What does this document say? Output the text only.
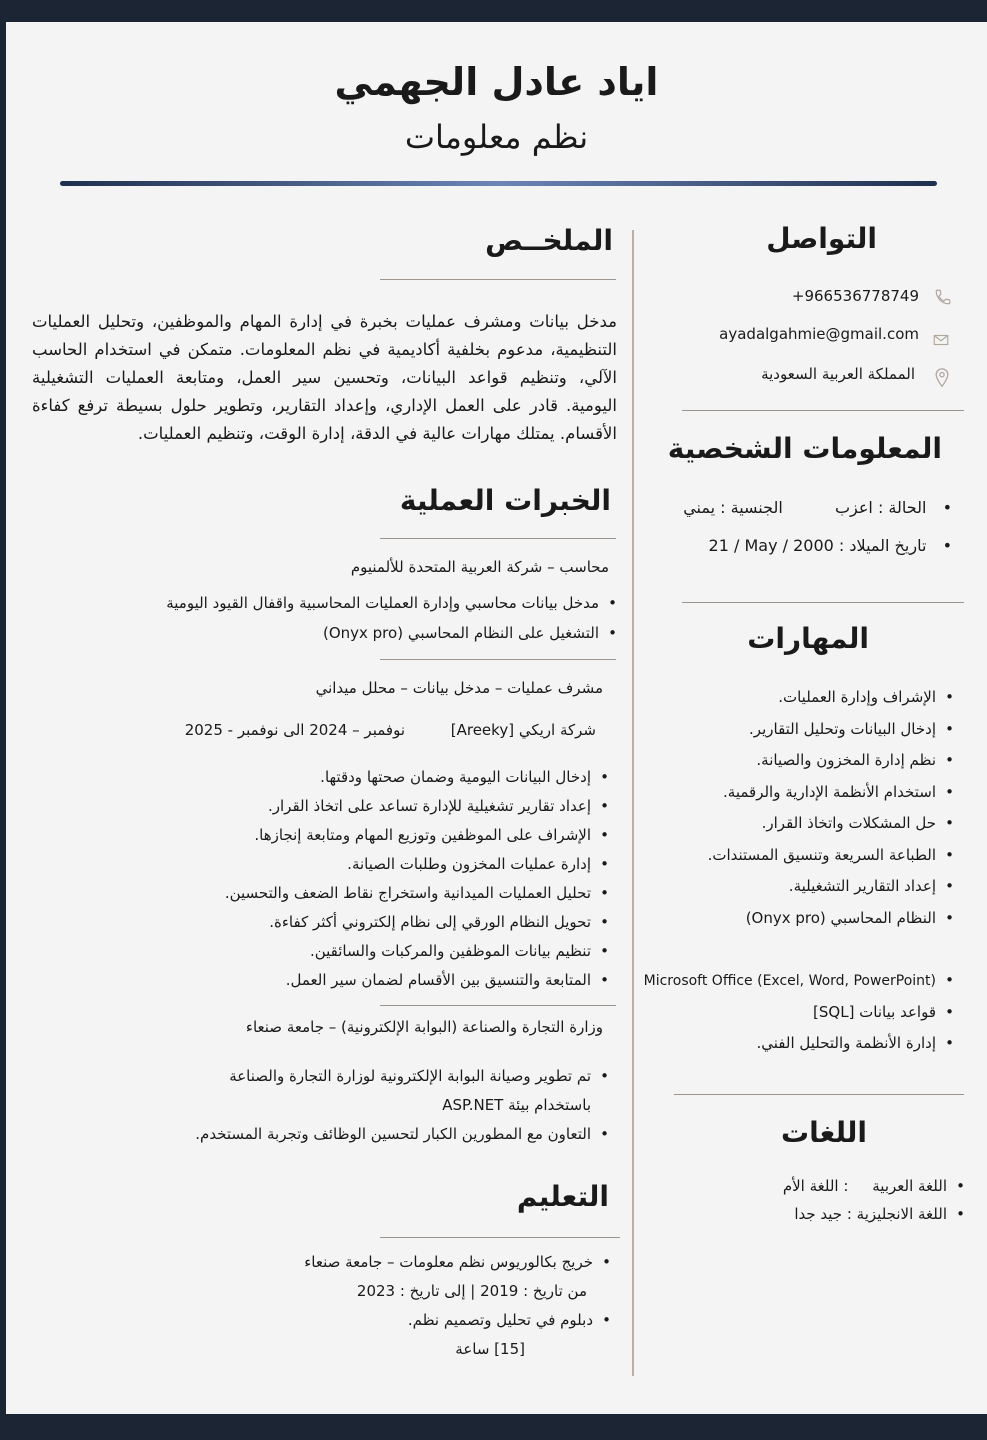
اياد عادل الجهمي
نظم معلومات
التواصل
+966536778749
ayadalgahmie@gmail.com
المملكة العربية السعودية
المعلومات الشخصية
•  الحالة : اعزب  الجنسية : يمني
•  تاريخ الميلاد : 21 / May / 2000
المهارات
• الإشراف وإدارة العمليات.
• إدخال البيانات وتحليل التقارير.
• نظم إدارة المخزون والصيانة.
• استخدام الأنظمة الإدارية والرقمية.
• حل المشكلات واتخاذ القرار.
• الطباعة السريعة وتنسيق المستندات.
• إعداد التقارير التشغيلية.
• النظام المحاسبي (Onyx pro)
• Microsoft Office (Excel, Word, PowerPoint)
• قواعد بيانات [SQL]
• إدارة الأنظمة والتحليل الفني.
اللغات
• اللغة العربية     : اللغة الأم
• اللغة الانجليزية : جيد جدا
الملخــص
مدخل بيانات ومشرف عمليات بخبرة في إدارة المهام والموظفين، وتحليل العمليات
التنظيمية، مدعوم بخلفية أكاديمية في نظم المعلومات. متمكن في استخدام الحاسب
الآلي، وتنظيم قواعد البيانات، وتحسين سير العمل، ومتابعة العمليات التشغيلية
اليومية. قادر على العمل الإداري، وإعداد التقارير، وتطوير حلول بسيطة ترفع كفاءة
الأقسام. يمتلك مهارات عالية في الدقة، إدارة الوقت، وتنظيم العمليات.
الخبرات العملية
محاسب – شركة العربية المتحدة للألمنيوم
• مدخل بيانات محاسبي وإدارة العمليات المحاسبية واقفال القيود اليومية
• التشغيل على النظام المحاسبي (Onyx pro)
مشرف عمليات – مدخل بيانات – محلل ميداني
شركة اريكي [Areeky]
نوفمبر – 2024 الى نوفمبر - 2025
• إدخال البيانات اليومية وضمان صحتها ودقتها.
• إعداد تقارير تشغيلية للإدارة تساعد على اتخاذ القرار.
• الإشراف على الموظفين وتوزيع المهام ومتابعة إنجازها.
• إدارة عمليات المخزون وطلبات الصيانة.
• تحليل العمليات الميدانية واستخراج نقاط الضعف والتحسين.
• تحويل النظام الورقي إلى نظام إلكتروني أكثر كفاءة.
• تنظيم بيانات الموظفين والمركبات والسائقين.
• المتابعة والتنسيق بين الأقسام لضمان سير العمل.
وزارة التجارة والصناعة (البوابة الإلكترونية) – جامعة صنعاء
• تم تطوير وصيانة البوابة الإلكترونية لوزارة التجارة والصناعة
باستخدام بيئة ASP.NET
• التعاون مع المطورين الكبار لتحسين الوظائف وتجربة المستخدم.
التعليم
• خريج بكالوريوس نظم معلومات – جامعة صنعاء
من تاريخ : 2019 | إلى تاريخ : 2023
• دبلوم في تحليل وتصميم نظم.
[15] ساعة
